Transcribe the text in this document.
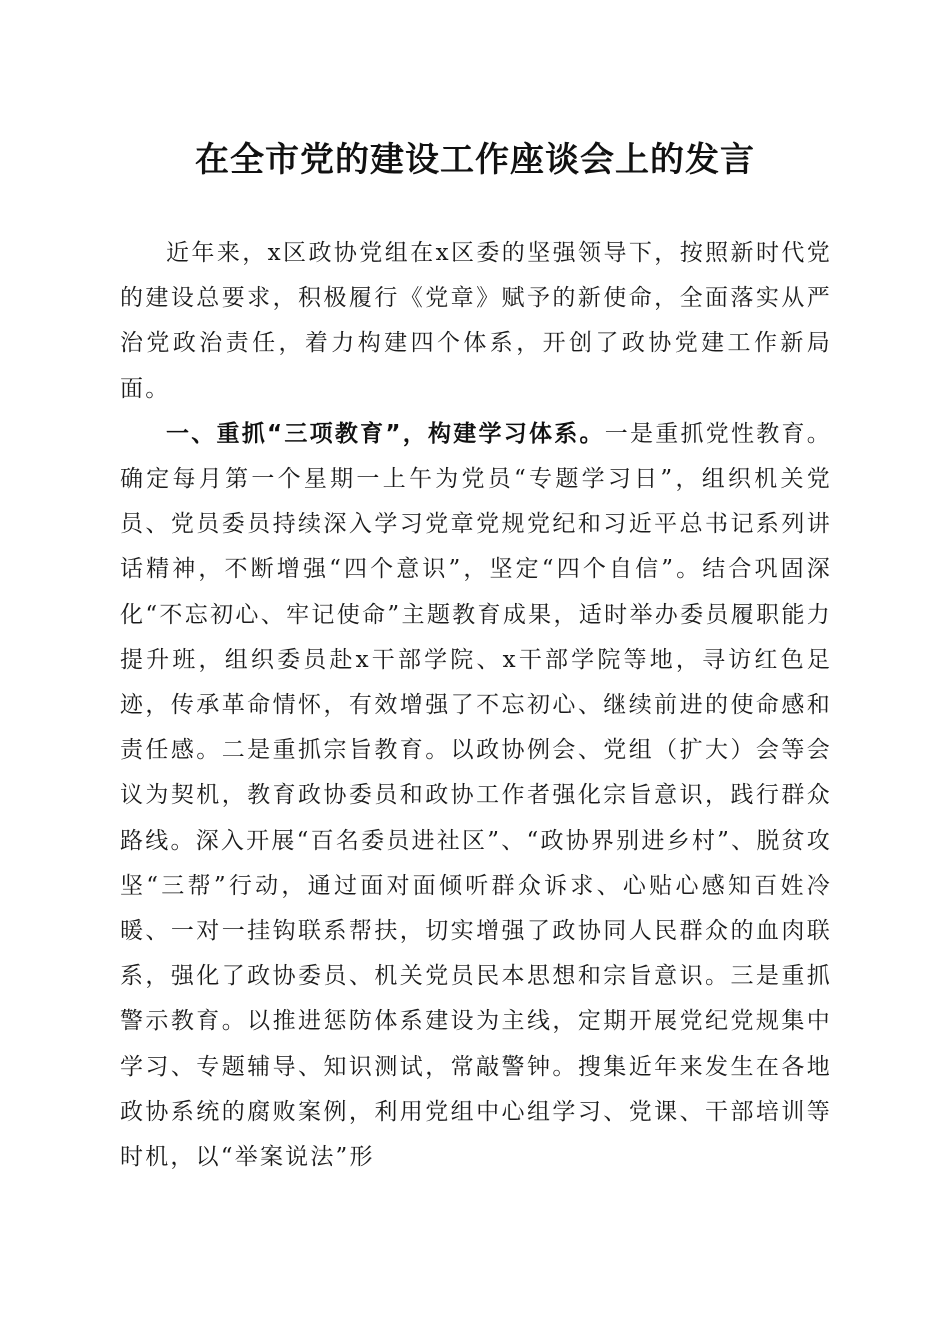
在全市党的建设工作座谈会上的发言

近年来，x区政协党组在x区委的坚强领导下，按照新时代党的建设总要求，积极履行《党章》赋予的新使命，全面落实从严治党政治责任，着力构建四个体系，开创了政协党建工作新局面。

一、重抓“三项教育”，构建学习体系。一是重抓党性教育。确定每月第一个星期一上午为党员“专题学习日”，组织机关党员、党员委员持续深入学习党章党规党纪和习近平总书记系列讲话精神，不断增强“四个意识”，坚定“四个自信”。结合巩固深化“不忘初心、牢记使命”主题教育成果，适时举办委员履职能力提升班，组织委员赴x干部学院、x干部学院等地，寻访红色足迹，传承革命情怀，有效增强了不忘初心、继续前进的使命感和责任感。二是重抓宗旨教育。以政协例会、党组（扩大）会等会议为契机，教育政协委员和政协工作者强化宗旨意识，践行群众路线。深入开展“百名委员进社区”、“政协界别进乡村”、脱贫攻坚“三帮”行动，通过面对面倾听群众诉求、心贴心感知百姓冷暖、一对一挂钩联系帮扶，切实增强了政协同人民群众的血肉联系，强化了政协委员、机关党员民本思想和宗旨意识。三是重抓警示教育。以推进惩防体系建设为主线，定期开展党纪党规集中学习、专题辅导、知识测试，常敲警钟。搜集近年来发生在各地政协系统的腐败案例，利用党组中心组学习、党课、干部培训等时机，以“举案说法”形
